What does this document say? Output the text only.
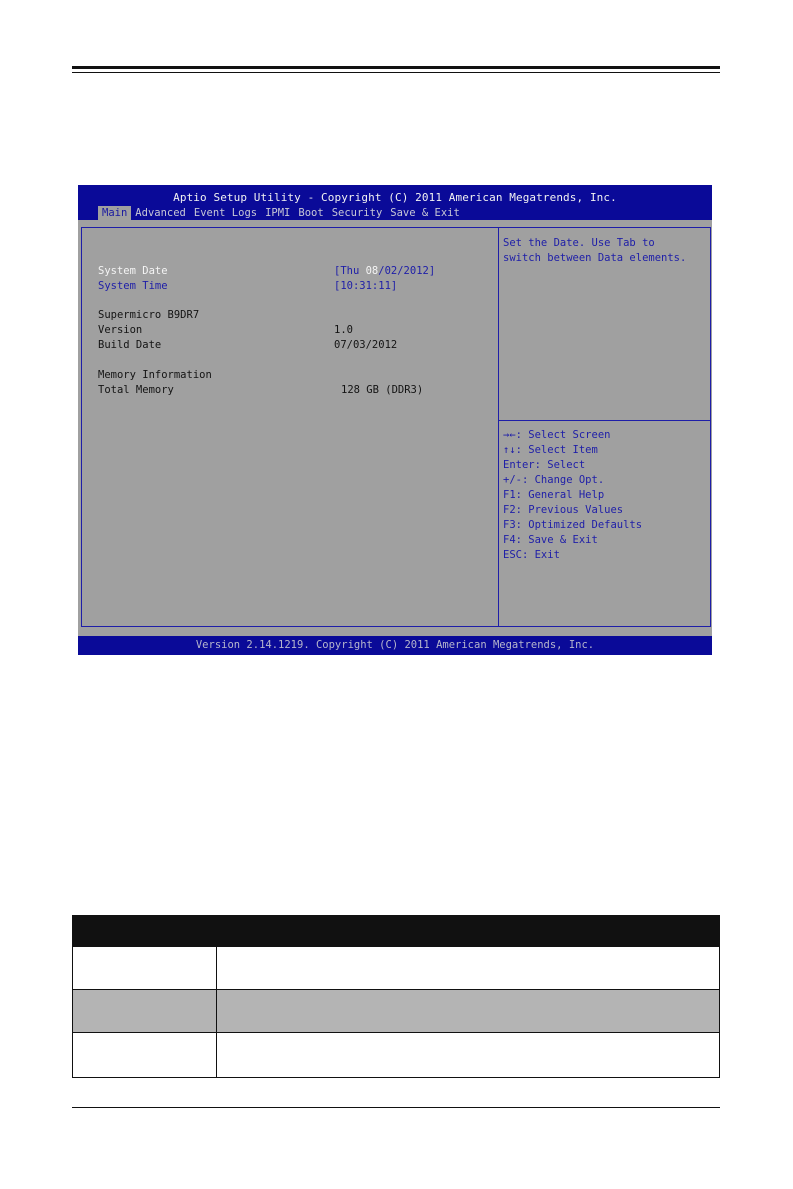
Aptio Setup Utility - Copyright (C) 2011 American Megatrends, Inc.
Main Advanced Event Logs IPMI Boot Security Save & Exit
System Date	[Thu 08/02/2012]
System Time	[10:31:11]
Supermicro B9DR7
Version	1.0
Build Date	07/03/2012
Memory Information
Total Memory	128 GB (DDR3)
Set the Date. Use Tab to
switch between Data elements.
→←: Select Screen
↑↓: Select Item
Enter: Select
+/-: Change Opt.
F1: General Help
F2: Previous Values
F3: Optimized Defaults
F4: Save & Exit
ESC: Exit
Version 2.14.1219. Copyright (C) 2011 American Megatrends, Inc.
